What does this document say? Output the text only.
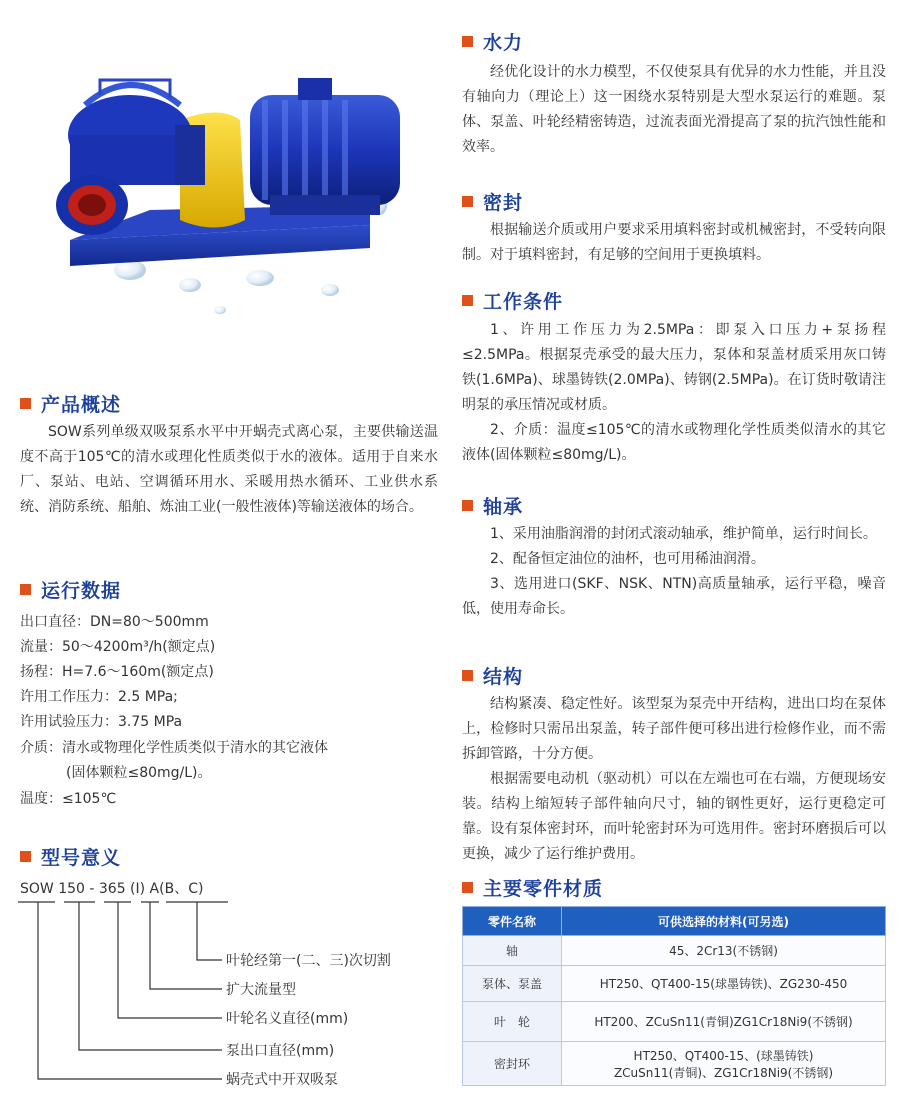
产品概述

SOW系列单级双吸泵系水平中开蜗壳式离心泵，主要供输送温度不高于105℃的清水或理化性质类似于水的液体。适用于自来水厂、泵站、电站、空调循环用水、采暖用热水循环、工业供水系统、消防系统、船舶、炼油工业(一般性液体)等输送液体的场合。

运行数据
出口直径：DN=80～500mm
流量：50～4200m³/h(额定点)
扬程：H=7.6～160m(额定点)
许用工作压力：2.5 MPa;
许用试验压力：3.75 MPa
介质：清水或物理化学性质类似于清水的其它液体
(固体颗粒≤80mg/L)。
温度：≤105℃
型号意义
SOW 150 - 365 (I) A(B、C)
叶轮经第一(二、三)次切割
扩大流量型
叶轮名义直径(mm)
泵出口直径(mm)
蜗壳式中开双吸泵
水力

经优化设计的水力模型，不仅使泵具有优异的水力性能，并且没有轴向力（理论上）这一困绕水泵特别是大型水泵运行的难题。泵体、泵盖、叶轮经精密铸造，过流表面光滑提高了泵的抗汽蚀性能和效率。

密封

根据输送介质或用户要求采用填料密封或机械密封，不受转向限制。对于填料密封，有足够的空间用于更换填料。

工作条件

1、许用工作压力为2.5MPa：即泵入口压力+泵扬程≤2.5MPa。根据泵壳承受的最大压力，泵体和泵盖材质采用灰口铸铁(1.6MPa)、球墨铸铁(2.0MPa)、铸钢(2.5MPa)。在订货时敬请注明泵的承压情况或材质。

2、介质：温度≤105℃的清水或物理化学性质类似清水的其它液体(固体颗粒≤80mg/L)。

轴承

1、采用油脂润滑的封闭式滚动轴承，维护简单，运行时间长。

2、配备恒定油位的油杯，也可用稀油润滑。

3、选用进口(SKF、NSK、NTN)高质量轴承，运行平稳，噪音低，使用寿命长。

结构

结构紧凑、稳定性好。该型泵为泵壳中开结构，进出口均在泵体上，检修时只需吊出泵盖，转子部件便可移出进行检修作业，而不需拆卸管路，十分方便。

根据需要电动机（驱动机）可以在左端也可在右端，方便现场安装。结构上缩短转子部件轴向尺寸，轴的钢性更好，运行更稳定可靠。设有泵体密封环，而叶轮密封环为可选用件。密封环磨损后可以更换，减少了运行维护费用。

主要零件材质
零件名称	可供选择的材料(可另选)
轴	45、2Cr13(不锈钢)
泵体、泵盖	HT250、QT400-15(球墨铸铁)、ZG230-450
叶　轮	HT200、ZCuSn11(青铜)ZG1Cr18Ni9(不锈钢)
密封环	HT250、QT400-15、(球墨铸铁)
ZCuSn11(青铜)、ZG1Cr18Ni9(不锈钢)
